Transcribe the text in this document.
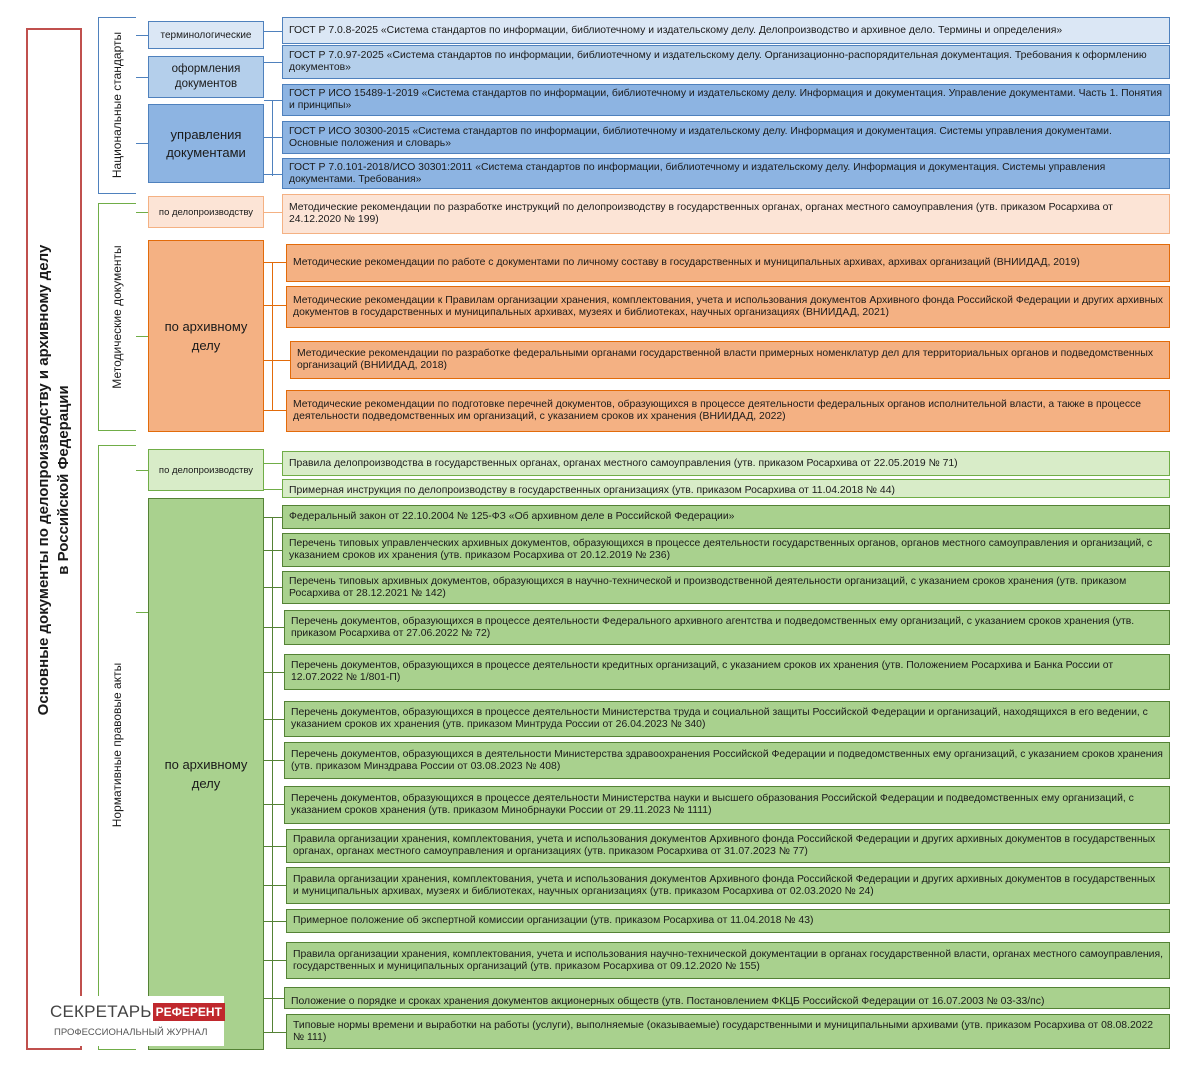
Основные документы по делопроизводству и архивному делу в Российской Федерации
Национальные стандарты
Методические документы
Нормативные правовые акты
терминологические
оформления документов
управления документами
по делопроизводству
по архивному делу
по делопроизводству
по архивному делу
ГОСТ Р 7.0.8-2025 «Система стандартов по информации, библиотечному и издательскому делу. Делопроизводство и архивное дело. Термины и определения»
ГОСТ Р 7.0.97-2025 «Система стандартов по информации, библиотечному и издательскому делу. Организационно-распорядительная документация. Требования к оформлению документов»
ГОСТ Р ИСО 15489-1-2019 «Система стандартов по информации, библиотечному и издательскому делу. Информация и документация. Управление документами. Часть 1. Понятия и принципы»
ГОСТ Р ИСО 30300-2015 «Система стандартов по информации, библиотечному и издательскому делу. Информация и документация. Системы управления документами. Основные положения и словарь»
ГОСТ Р 7.0.101-2018/ИСО 30301:2011 «Система стандартов по информации, библиотечному и издательскому делу. Информация и документация. Системы управления документами. Требования»
Методические рекомендации по разработке инструкций по делопроизводству в государственных органах, органах местного самоуправления (утв. приказом Росархива от 24.12.2020 № 199)
Методические рекомендации по работе с документами по личному составу в государственных и муниципальных архивах, архивах организаций (ВНИИДАД, 2019)
Методические рекомендации к Правилам организации хранения, комплектования, учета и использования документов Архивного фонда Российской Федерации и других архивных документов в государственных и муниципальных архивах, музеях и библиотеках, научных организациях (ВНИИДАД, 2021)
Методические рекомендации по разработке федеральными органами государственной власти примерных номенклатур дел для территориальных органов и подведомственных организаций (ВНИИДАД, 2018)
Методические рекомендации по подготовке перечней документов, образующихся в процессе деятельности федеральных органов исполнительной власти, а также в процессе деятельности подведомственных им организаций, с указанием сроков их хранения (ВНИИДАД, 2022)
Правила делопроизводства в государственных органах, органах местного самоуправления (утв. приказом Росархива от 22.05.2019 № 71)
Примерная инструкция по делопроизводству в государственных организациях (утв. приказом Росархива от 11.04.2018 № 44)
Федеральный закон от 22.10.2004 № 125-ФЗ «Об архивном деле в Российской Федерации»
Перечень типовых управленческих архивных документов, образующихся в процессе деятельности государственных органов, органов местного самоуправления и организаций, с указанием сроков их хранения (утв. приказом Росархива от 20.12.2019 № 236)
Перечень типовых архивных документов, образующихся в научно-технической и производственной деятельности организаций, с указанием сроков хранения (утв. приказом Росархива от 28.12.2021 № 142)
Перечень документов, образующихся в процессе деятельности Федерального архивного агентства и подведомственных ему организаций, с указанием сроков хранения (утв. приказом Росархива от 27.06.2022 № 72)
Перечень документов, образующихся в процессе деятельности кредитных организаций, с указанием сроков их хранения (утв. Положением Росархива и Банка России от 12.07.2022 № 1/801-П)
Перечень документов, образующихся в процессе деятельности Министерства труда и социальной защиты Российской Федерации и организаций, находящихся в его ведении, с указанием сроков их хранения (утв. приказом Минтруда России от 26.04.2023 № 340)
Перечень документов, образующихся в деятельности Министерства здравоохранения Российской Федерации и подведомственных ему организаций, с указанием сроков хранения (утв. приказом Минздрава России от 03.08.2023 № 408)
Перечень документов, образующихся в процессе деятельности Министерства науки и высшего образования Российской Федерации и подведомственных ему организаций, с указанием сроков хранения (утв. приказом Минобрнауки России от 29.11.2023 № 1111)
Правила организации хранения, комплектования, учета и использования документов Архивного фонда Российской Федерации и других архивных документов в государственных органах, органах местного самоуправления и организациях (утв. приказом Росархива от 31.07.2023 № 77)
Правила организации хранения, комплектования, учета и использования документов Архивного фонда Российской Федерации и других архивных документов в государственных и муниципальных архивах, музеях и библиотеках, научных организациях (утв. приказом Росархива от 02.03.2020 № 24)
Примерное положение об экспертной комиссии организации (утв. приказом Росархива от 11.04.2018 № 43)
Правила организации хранения, комплектования, учета и использования научно-технической документации в органах государственной власти, органах местного самоуправления, государственных и муниципальных организаций (утв. приказом Росархива от 09.12.2020 № 155)
Положение о порядке и сроках хранения документов акционерных обществ (утв. Постановлением ФКЦБ Российской Федерации от 16.07.2003 № 03-33/пс)
Типовые нормы времени и выработки на работы (услуги), выполняемые (оказываемые) государственными и муниципальными архивами (утв. приказом Росархива от 08.08.2022 № 111)
СЕКРЕТАРЬ РЕФЕРЕНТ
ПРОФЕССИОНАЛЬНЫЙ ЖУРНАЛ
